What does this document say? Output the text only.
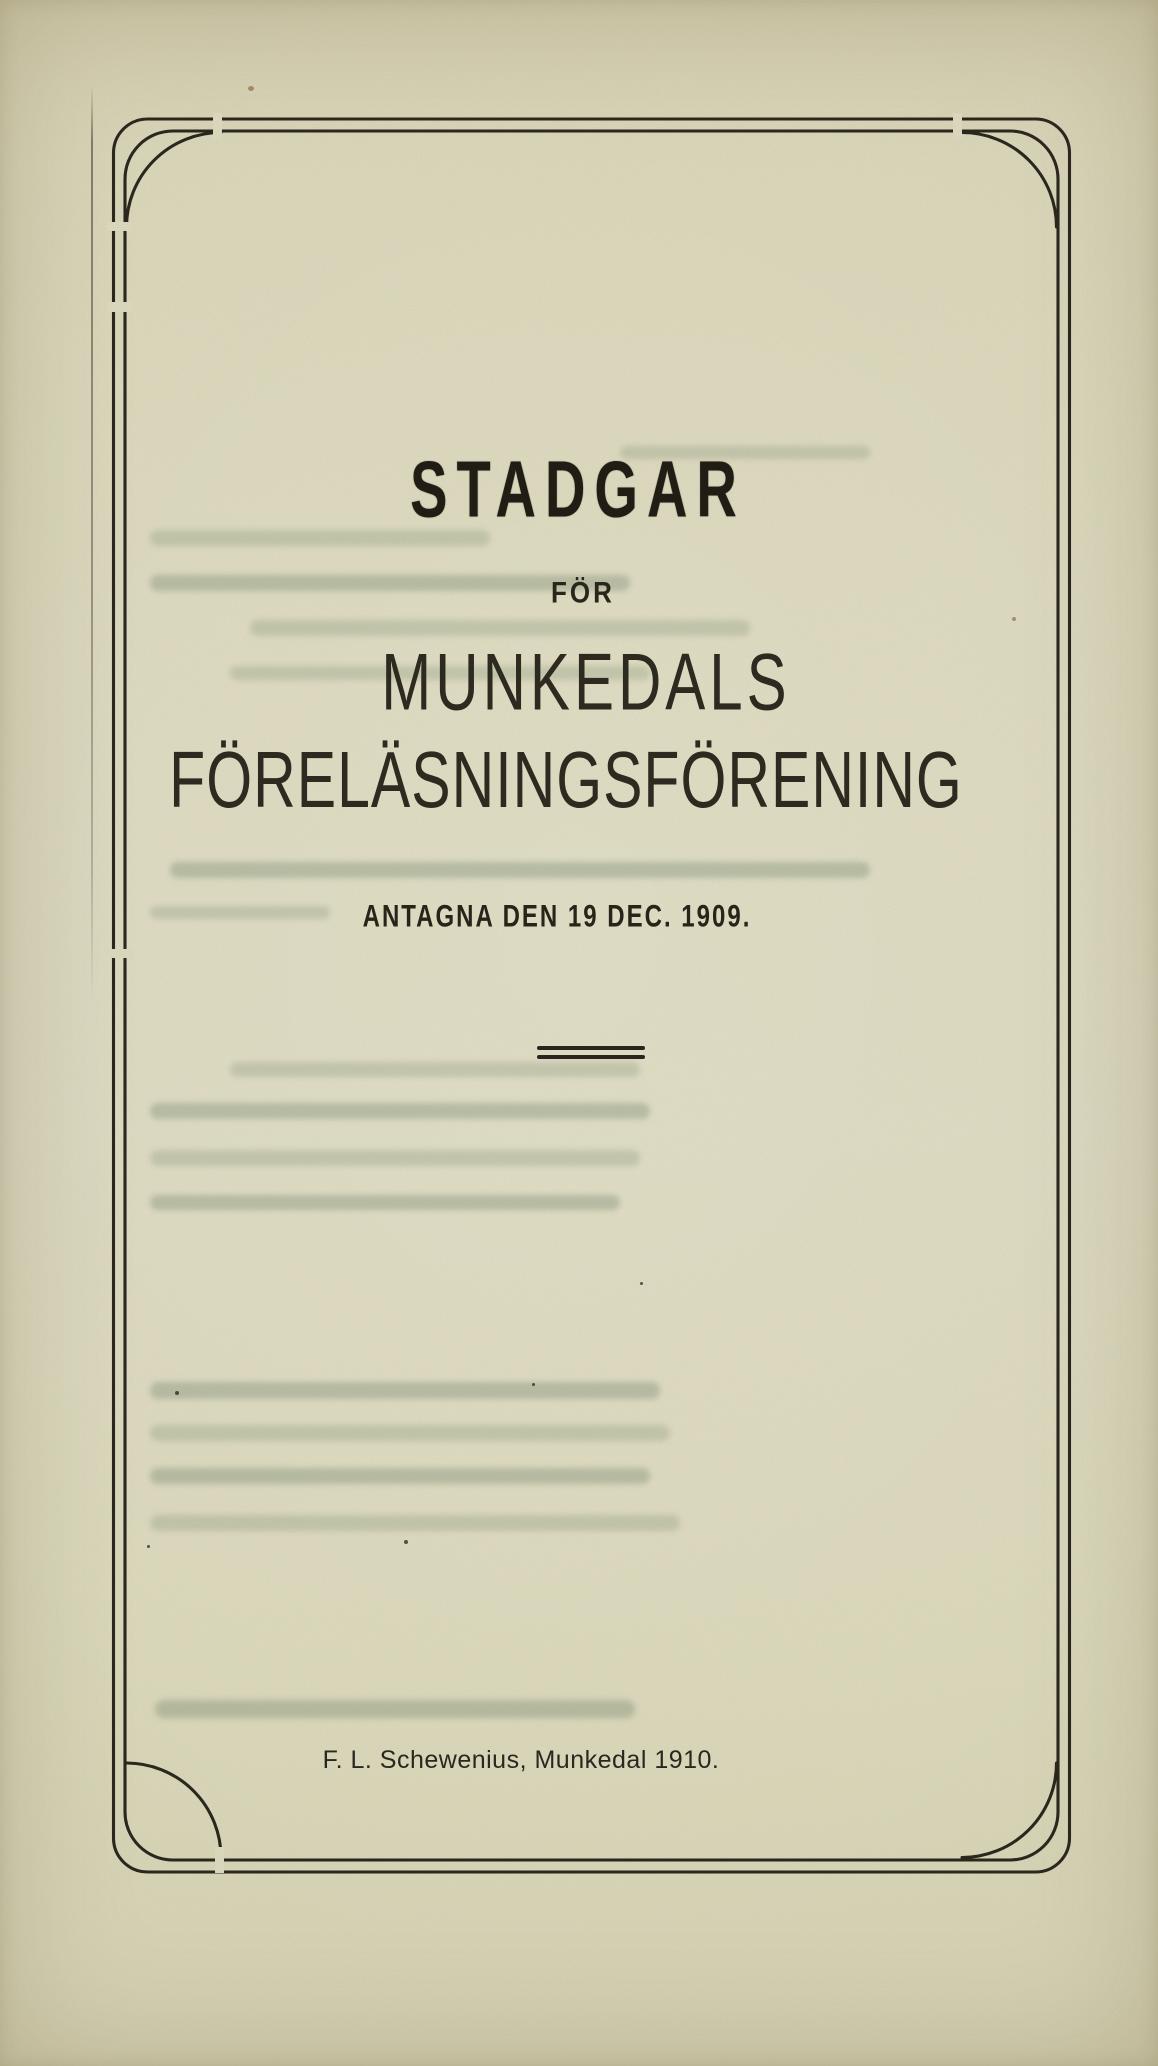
STADGAR
FÖR
MUNKEDALS
FÖRELÄSNINGSFÖRENING
ANTAGNA DEN 19 DEC. 1909.
F. L. Schewenius, Munkedal 1910.
